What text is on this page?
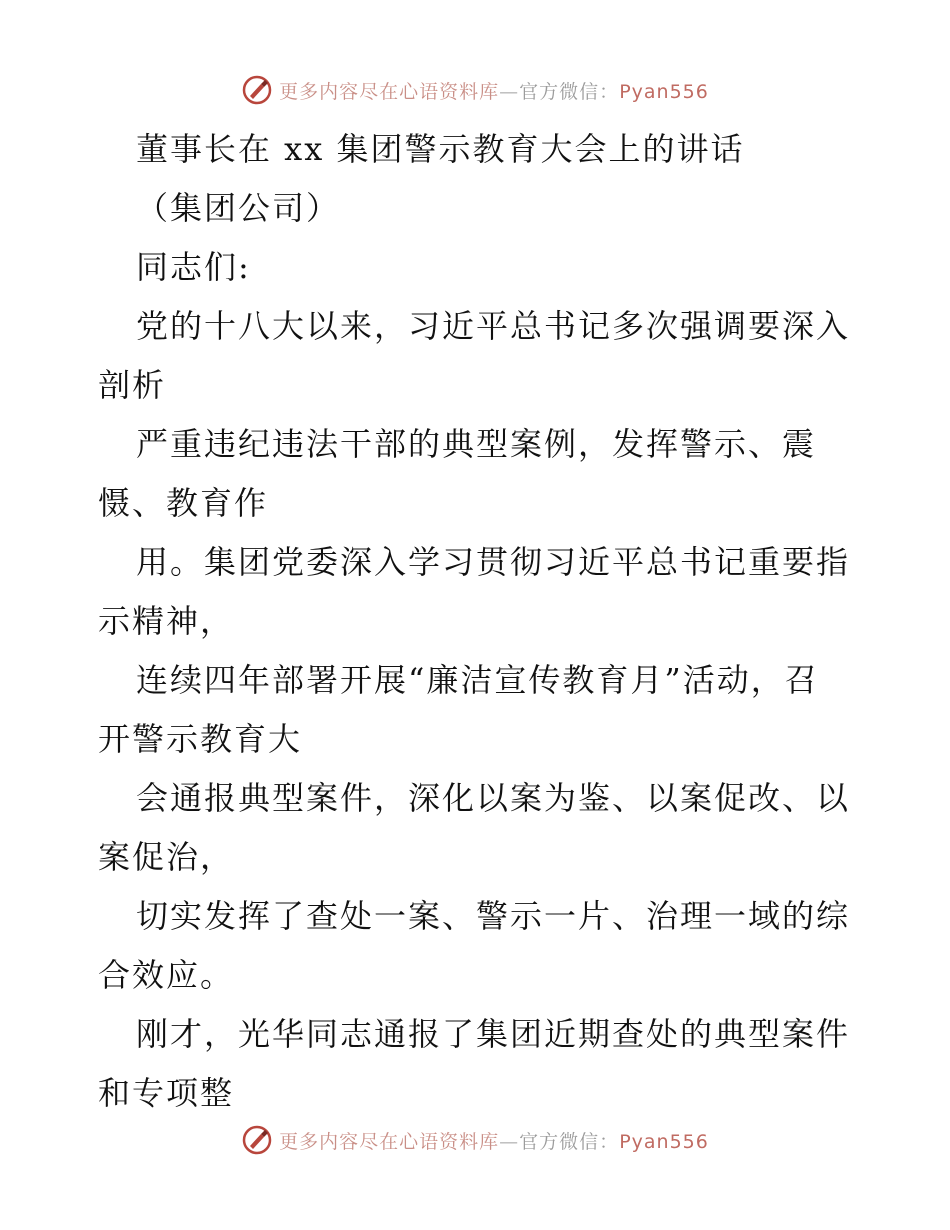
更多内容尽在心语资料库—官方微信：Pyan556
董事长在 xx 集团警示教育大会上的讲话
（集团公司）
同志们:
党的十八大以来，习近平总书记多次强调要深入
剖析
严重违纪违法干部的典型案例，发挥警示、震
慑、教育作
用。集团党委深入学习贯彻习近平总书记重要指
示精神，
连续四年部署开展“廉洁宣传教育月”活动，召
开警示教育大
会通报典型案件，深化以案为鉴、以案促改、以
案促治，
切实发挥了查处一案、警示一片、治理一域的综
合效应。
刚才，光华同志通报了集团近期查处的典型案件
和专项整
更多内容尽在心语资料库—官方微信：Pyan556
